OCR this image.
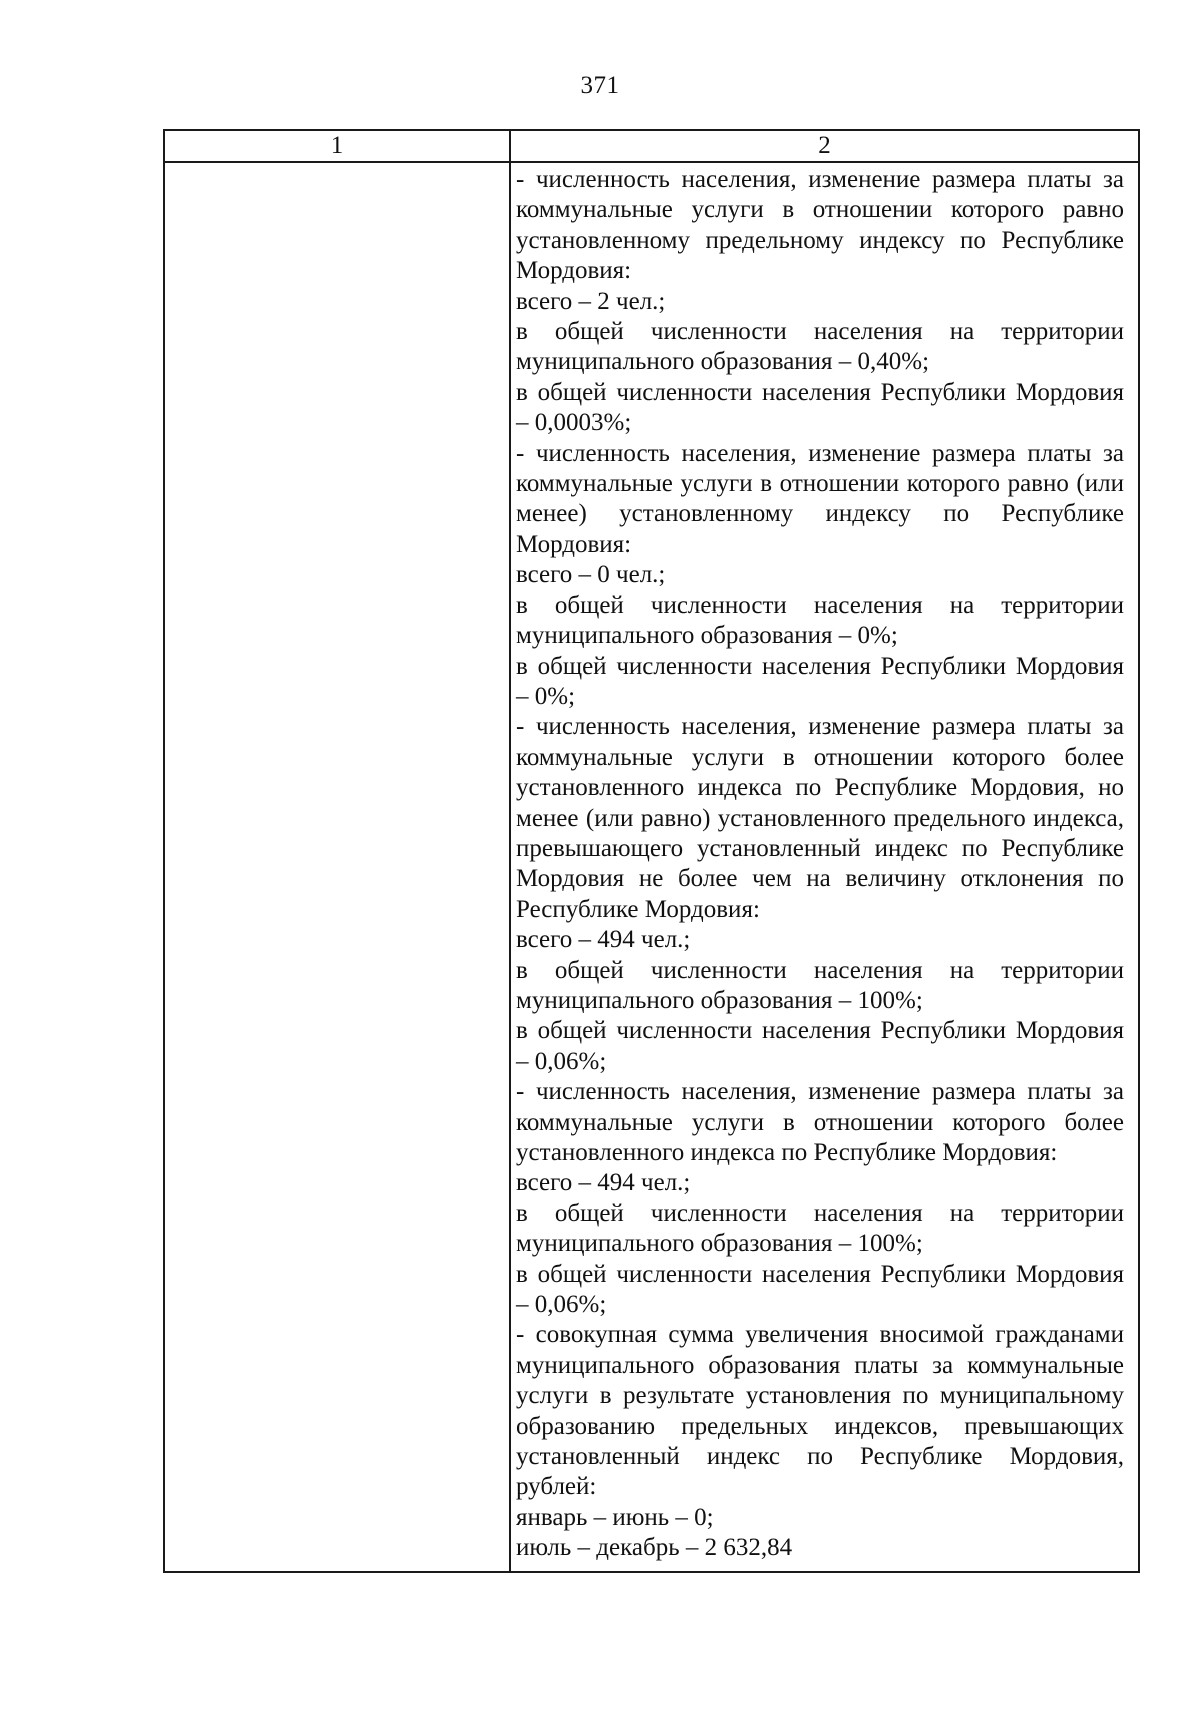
371
1	2
- численность населения, изменение размера платы за коммунальные услуги в отношении которого равно установленному предельному индексу по Республике Мордовия:
всего – 2 чел.;
в общей численности населения на территории муниципального образования – 0,40%;
в общей численности населения Республики Мордовия – 0,0003%;
- численность населения, изменение размера платы за коммунальные услуги в отношении которого равно (или менее) установленному индексу по Республике Мордовия:
всего – 0 чел.;
в общей численности населения на территории муниципального образования – 0%;
в общей численности населения Республики Мордовия – 0%;
- численность населения, изменение размера платы за коммунальные услуги в отношении которого более установленного индекса по Республике Мордовия, но менее (или равно) установленного предельного индекса, превышающего установленный индекс по Республике Мордовия не более чем на величину отклонения по Республике Мордовия:
всего – 494 чел.;
в общей численности населения на территории муниципального образования – 100%;
в общей численности населения Республики Мордовия – 0,06%;
- численность населения, изменение размера платы за коммунальные услуги в отношении которого более установленного индекса по Республике Мордовия:
всего – 494 чел.;
в общей численности населения на территории муниципального образования – 100%;
в общей численности населения Республики Мордовия – 0,06%;
- совокупная сумма увеличения вносимой гражданами муниципального образования платы за коммунальные услуги в результате установления по муниципальному образованию предельных индексов, превышающих установленный индекс по Республике Мордовия, рублей:
январь – июнь – 0;
июль – декабрь – 2 632,84
